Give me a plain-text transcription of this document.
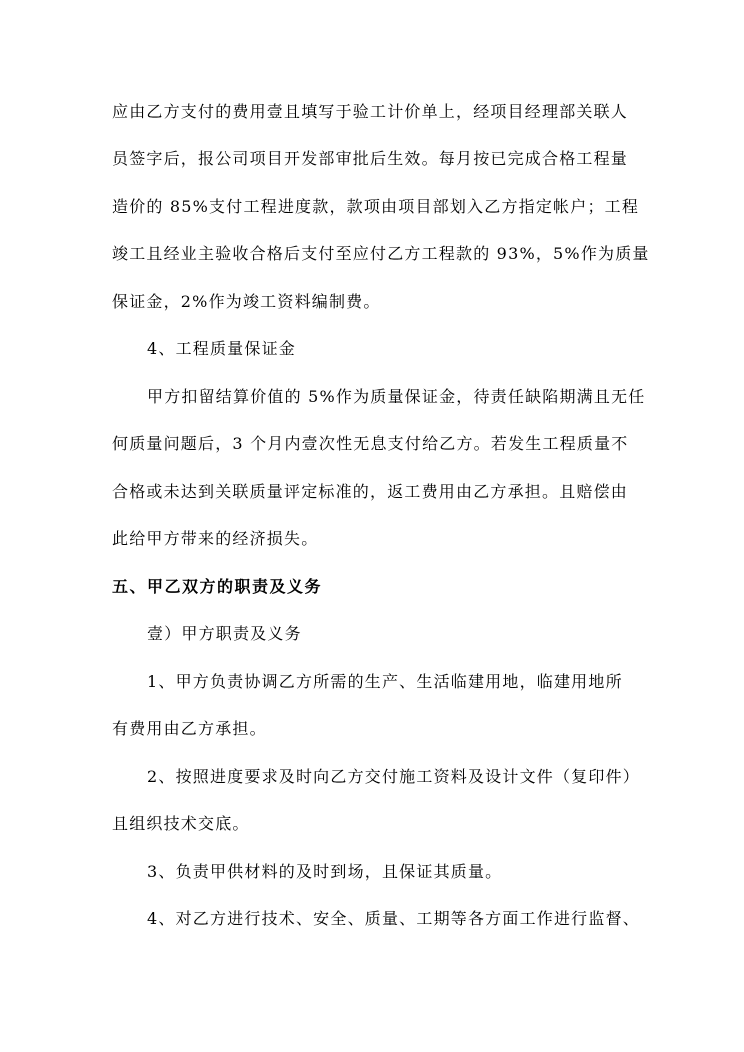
应由乙方支付的费用壹且填写于验工计价单上，经项目经理部关联人
员签字后，报公司项目开发部审批后生效。每月按已完成合格工程量
造价的 85%支付工程进度款，款项由项目部划入乙方指定帐户；工程
竣工且经业主验收合格后支付至应付乙方工程款的 93%，5%作为质量
保证金，2%作为竣工资料编制费。
4、工程质量保证金
甲方扣留结算价值的 5%作为质量保证金，待责任缺陷期满且无任
何质量问题后，3 个月内壹次性无息支付给乙方。若发生工程质量不
合格或未达到关联质量评定标准的，返工费用由乙方承担。且赔偿由
此给甲方带来的经济损失。
五、甲乙双方的职责及义务
壹）甲方职责及义务
1、甲方负责协调乙方所需的生产、生活临建用地，临建用地所
有费用由乙方承担。
2、按照进度要求及时向乙方交付施工资料及设计文件（复印件）
且组织技术交底。
3、负责甲供材料的及时到场，且保证其质量。
4、对乙方进行技术、安全、质量、工期等各方面工作进行监督、
